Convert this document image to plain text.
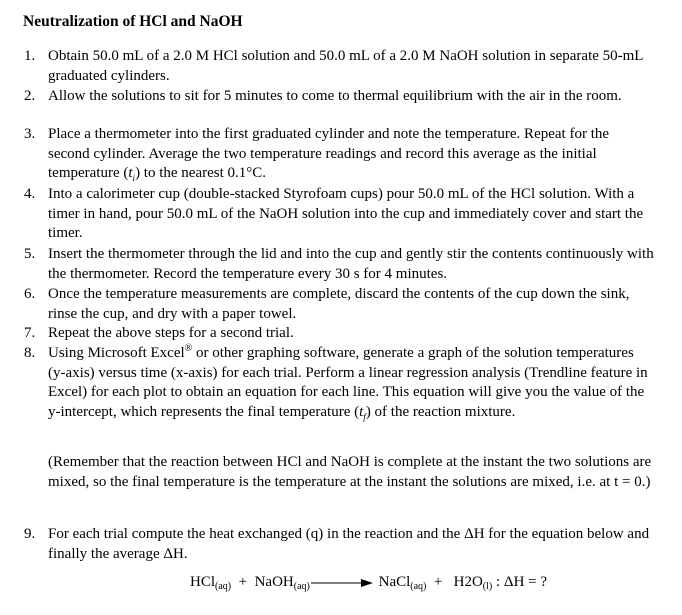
Neutralization of HCl and NaOH
1. Obtain 50.0 mL of a 2.0 M HCl solution and 50.0 mL of a 2.0 M NaOH solution in separate 50-mL graduated cylinders.
2. Allow the solutions to sit for 5 minutes to come to thermal equilibrium with the air in the room.
3. Place a thermometer into the first graduated cylinder and note the temperature. Repeat for the second cylinder. Average the two temperature readings and record this average as the initial temperature $(t_i)$ to the nearest 0.1°C.
4. Into a calorimeter cup (double-stacked Styrofoam cups) pour 50.0 mL of the HCl solution. With a timer in hand, pour 50.0 mL of the NaOH solution into the cup and immediately cover and start the timer.
5. Insert the thermometer through the lid and into the cup and gently stir the contents continuously with the thermometer. Record the temperature every 30 s for 4 minutes.
6. Once the temperature measurements are complete, discard the contents of the cup down the sink, rinse the cup, and dry with a paper towel.
7. Repeat the above steps for a second trial.
8. Using Microsoft Excel® or other graphing software, generate a graph of the solution temperatures (y-axis) versus time (x-axis) for each trial. Perform a linear regression analysis (Trendline feature in Excel) for each plot to obtain an equation for each line. This equation will give you the value of the y-intercept, which represents the final temperature $(t_f)$ of the reaction mixture.
9. For each trial compute the heat exchanged (q) in the reaction and the ΔH for the equation below and finally the average ΔH.
(Remember that the reaction between HCl and NaOH is complete at the instant the two solutions are mixed, so the final temperature is the temperature at the instant the solutions are mixed, i.e. at t = 0.)
HCl$_{(aq)}$ + NaOH$_{(aq)}$	NaCl$_{(aq)}$ + $H2O_{(l)}$ : ΔH = ?
